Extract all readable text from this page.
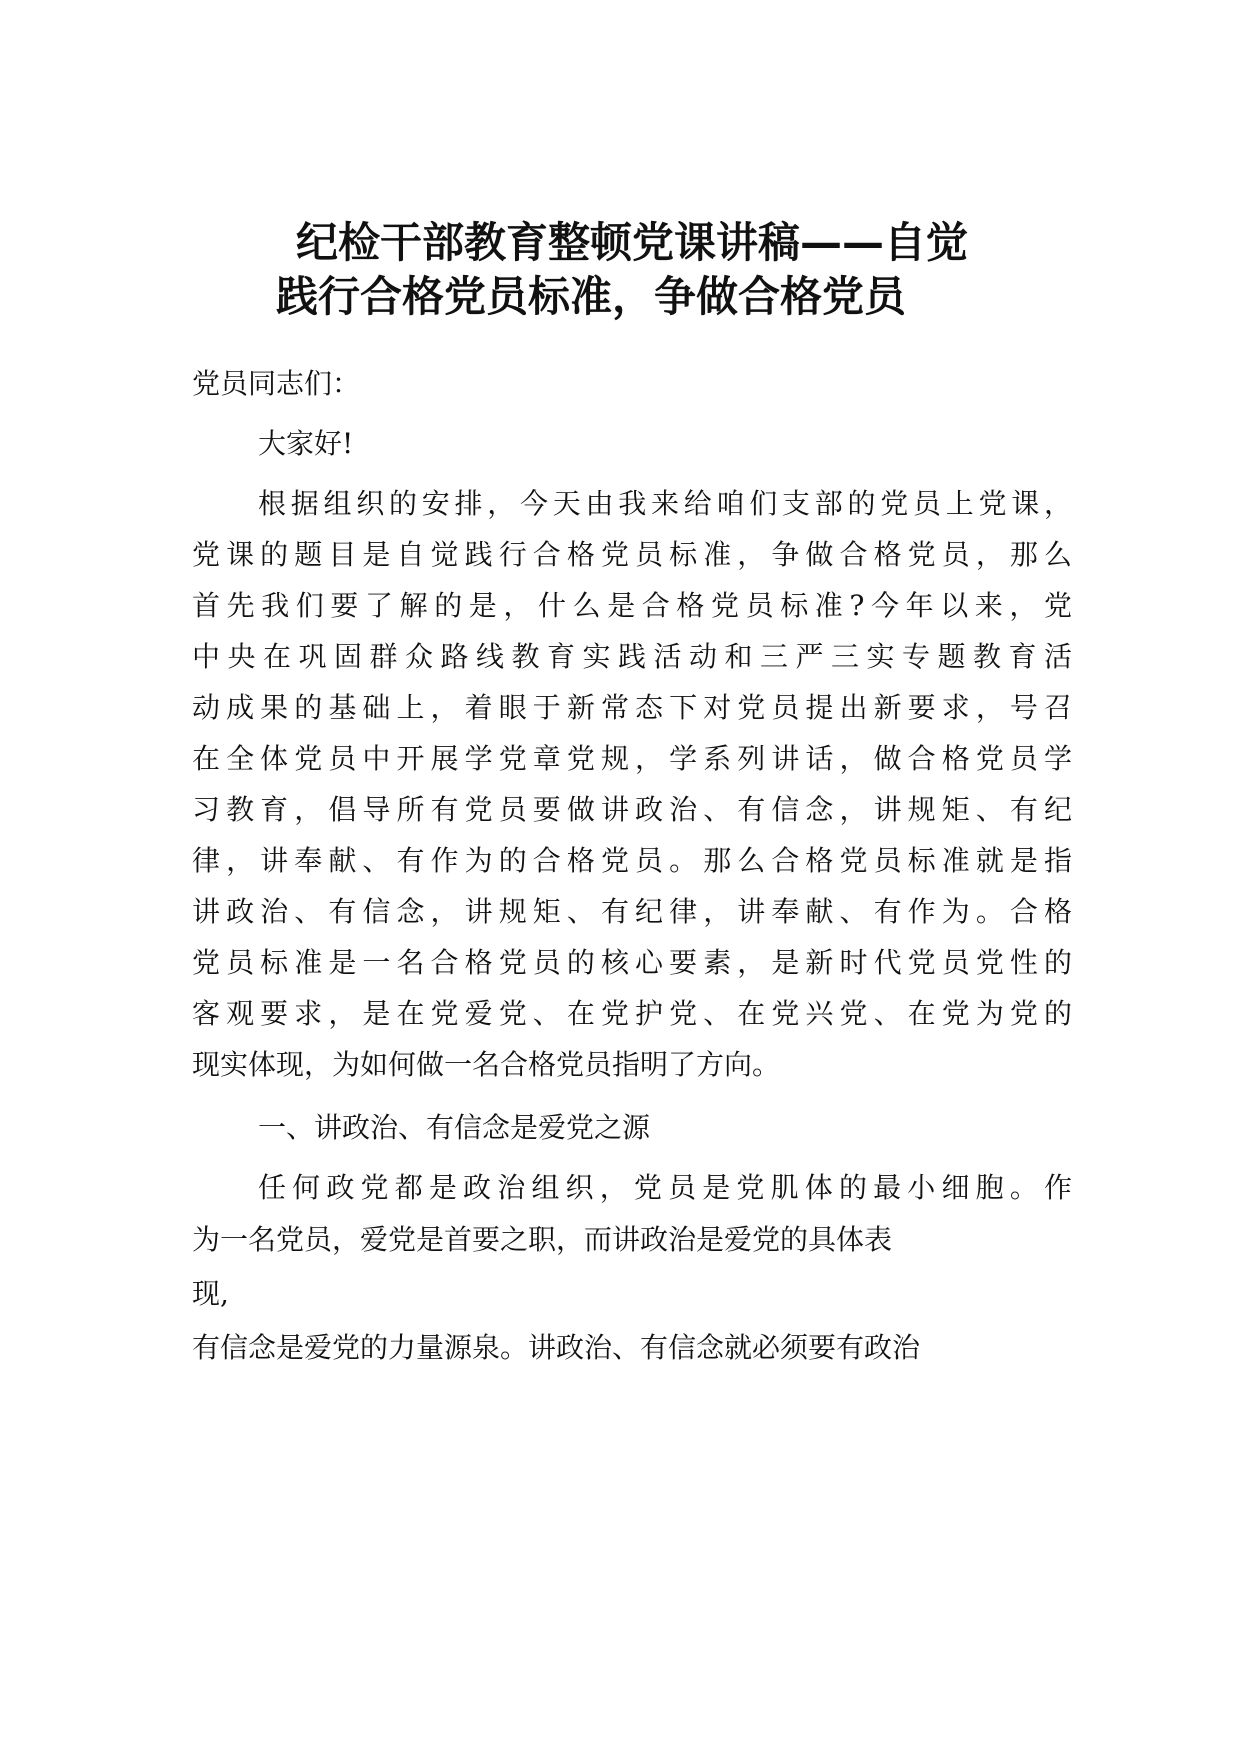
纪检干部教育整顿党课讲稿——自觉
践行合格党员标准，争做合格党员
党员同志们：
大家好!
根据组织的安排，今天由我来给咱们支部的党员上党课，
党课的题目是自觉践行合格党员标准，争做合格党员，那么
首先我们要了解的是，什么是合格党员标准?今年以来，党
中央在巩固群众路线教育实践活动和三严三实专题教育活
动成果的基础上，着眼于新常态下对党员提出新要求，号召
在全体党员中开展学党章党规，学系列讲话，做合格党员学
习教育，倡导所有党员要做讲政治、有信念，讲规矩、有纪
律，讲奉献、有作为的合格党员。那么合格党员标准就是指
讲政治、有信念，讲规矩、有纪律，讲奉献、有作为。合格
党员标准是一名合格党员的核心要素，是新时代党员党性的
客观要求，是在党爱党、在党护党、在党兴党、在党为党的
现实体现，为如何做一名合格党员指明了方向。
一、讲政治、有信念是爱党之源
任何政党都是政治组织，党员是党肌体的最小细胞。作
为一名党员，爱党是首要之职，而讲政治是爱党的具体表
现,
有信念是爱党的力量源泉。讲政治、有信念就必须要有政治
